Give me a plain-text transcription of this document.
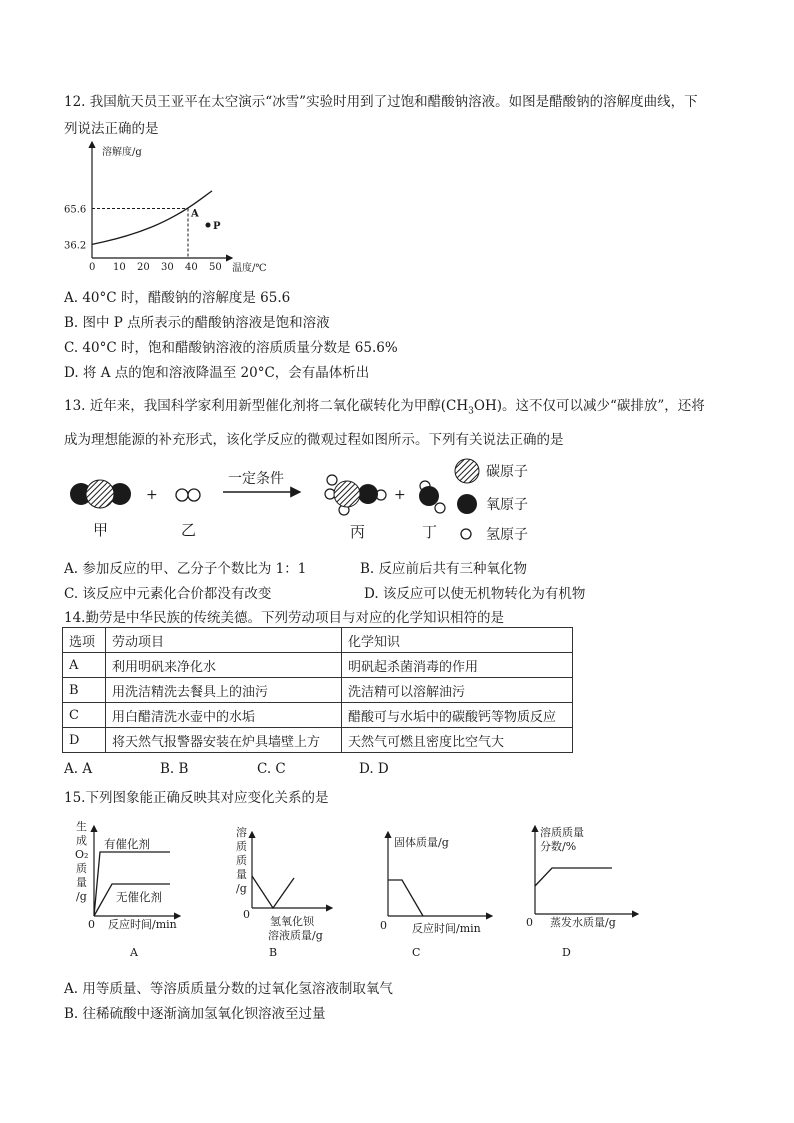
12. 我国航天员王亚平在太空演示“冰雪”实验时用到了过饱和醋酸钠溶液。如图是醋酸钠的溶解度曲线，下
列说法正确的是
溶解度/g
温度/℃
0 10 20 30 40 50
36.2
65.6	A
P
A. 40°C 时，醋酸钠的溶解度是 65.6
B. 图中 P 点所表示的醋酸钠溶液是饱和溶液
C. 40°C 时，饱和醋酸钠溶液的溶质质量分数是 65.6%
D. 将 A 点的饱和溶液降温至 20°C，会有晶体析出
13. 近年来，我国科学家利用新型催化剂将二氧化碳转化为甲醇$(CH_3OH)$。这不仅可以减少“碳排放”，还将
成为理想能源的补充形式，该化学反应的微观过程如图所示。下列有关说法正确的是
甲
+
乙
一定条件
丙
+
丁
碳原子
氧原子
氢原子
A. 参加反应的甲、乙分子个数比为 1：1	B. 反应前后共有三种氧化物
C. 该反应中元素化合价都没有改变	D. 该反应可以使无机物转化为有机物
14.勤劳是中华民族的传统美德。下列劳动项目与对应的化学知识相符的是
选项	劳动项目	化学知识
A	利用明矾来净化水	明矾起杀菌消毒的作用
B	用洗洁精洗去餐具上的油污	洗洁精可以溶解油污
C	用白醋清洗水壶中的水垢	醋酸可与水垢中的碳酸钙等物质反应
D	将天然气报警器安装在炉具墙壁上方	天然气可燃且密度比空气大
A. A	B. B	C. C	D. D
15.下列图象能正确反映其对应变化关系的是
生成 O₂ 质量/g
有催化剂
无催化剂
0 反应时间/min
A
溶质质量/g
0
氢氧化钡溶液质量/g
B
固体质量/g
0 反应时间/min
C
溶质质量分数/%
0 蒸发水质量/g
D
A. 用等质量、等溶质质量分数的过氧化氢溶液制取氧气
B. 往稀硫酸中逐渐滴加氢氧化钡溶液至过量
